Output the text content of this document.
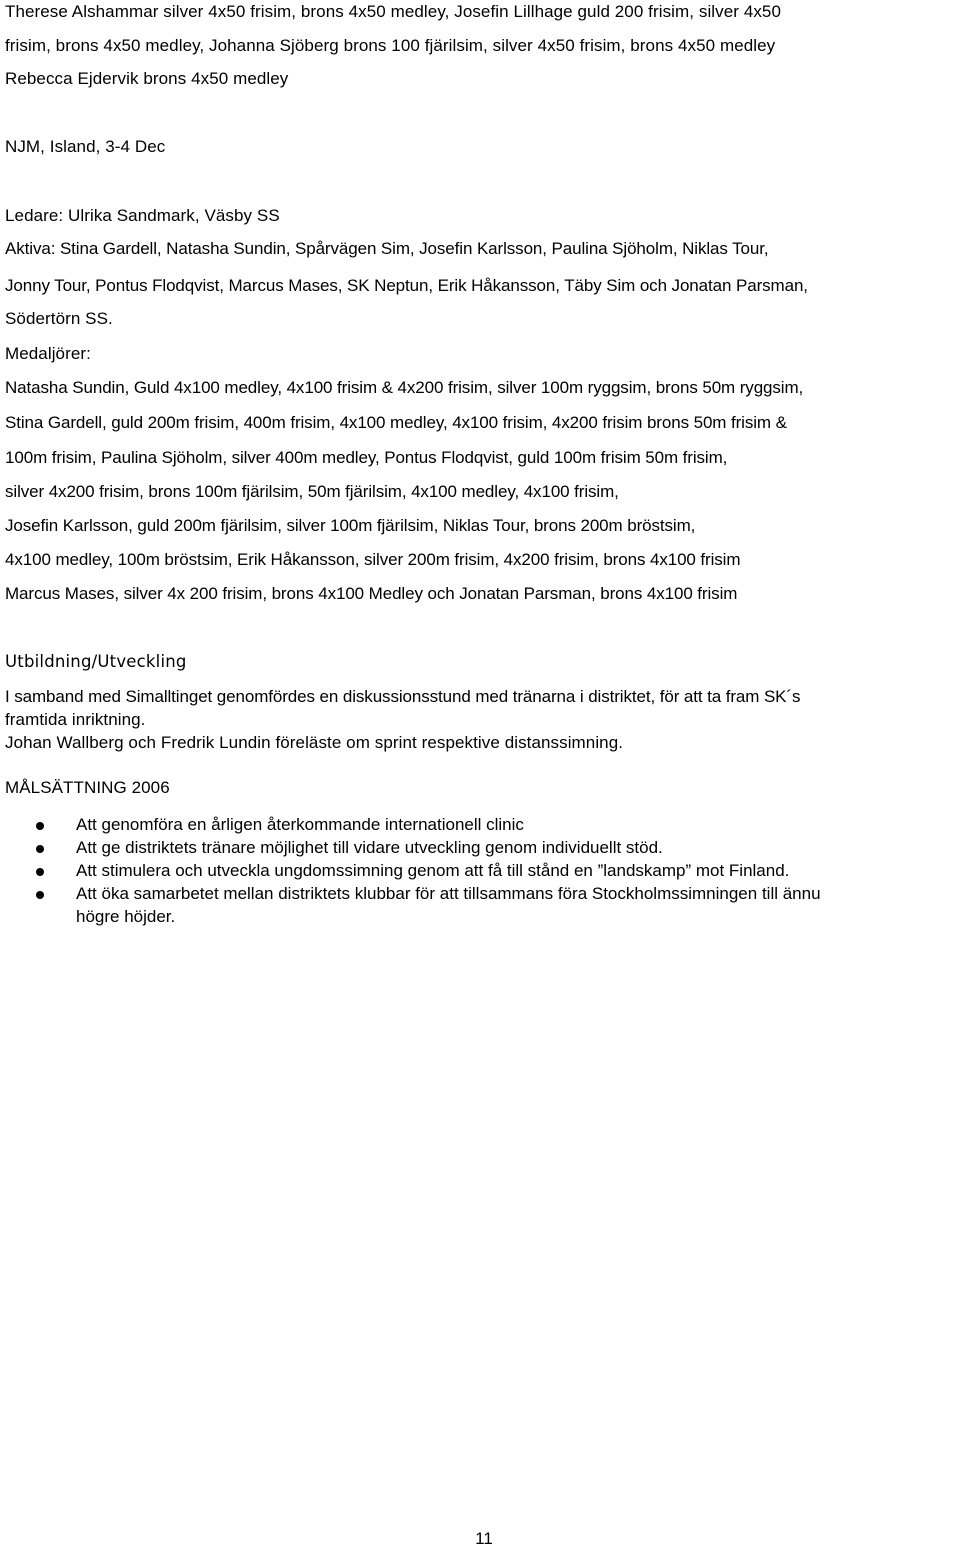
Therese Alshammar silver 4x50 frisim, brons 4x50 medley, Josefin Lillhage guld 200 frisim, silver 4x50
frisim, brons 4x50 medley, Johanna Sjöberg brons 100 fjärilsim, silver 4x50 frisim, brons 4x50 medley
Rebecca Ejdervik brons 4x50 medley
NJM, Island, 3-4 Dec
Ledare: Ulrika Sandmark, Väsby SS
Aktiva: Stina Gardell, Natasha Sundin, Spårvägen Sim, Josefin Karlsson, Paulina Sjöholm, Niklas Tour,
Jonny Tour, Pontus Flodqvist, Marcus Mases, SK Neptun, Erik Håkansson, Täby Sim och Jonatan Parsman,
Södertörn SS.
Medaljörer:
Natasha Sundin, Guld 4x100 medley, 4x100 frisim & 4x200 frisim, silver 100m ryggsim, brons 50m ryggsim,
Stina Gardell, guld 200m frisim, 400m frisim, 4x100 medley, 4x100 frisim, 4x200 frisim brons 50m frisim &
100m frisim, Paulina Sjöholm, silver 400m medley, Pontus Flodqvist, guld 100m frisim 50m frisim,
silver 4x200 frisim, brons 100m fjärilsim, 50m fjärilsim, 4x100 medley, 4x100 frisim,
Josefin Karlsson, guld 200m fjärilsim, silver 100m fjärilsim, Niklas Tour, brons 200m bröstsim,
4x100 medley, 100m bröstsim, Erik Håkansson, silver 200m frisim, 4x200 frisim, brons 4x100 frisim
Marcus Mases, silver 4x 200 frisim, brons 4x100 Medley och Jonatan Parsman, brons 4x100 frisim
Utbildning/Utveckling
I samband med Simalltinget genomfördes en diskussionsstund med tränarna i distriktet, för att ta fram SK´s
framtida inriktning.
Johan Wallberg och Fredrik Lundin föreläste om sprint respektive distanssimning.
MÅLSÄTTNING 2006
Att genomföra en årligen återkommande internationell clinic
Att ge distriktets tränare möjlighet till vidare utveckling genom individuellt stöd.
Att stimulera och utveckla ungdomssimning genom att få till stånd en ”landskamp” mot Finland.
Att öka samarbetet mellan distriktets klubbar för att tillsammans föra Stockholmssimningen till ännu
högre höjder.
11
